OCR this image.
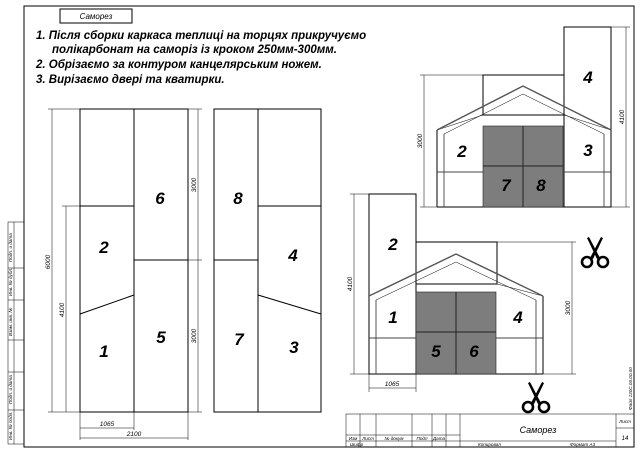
Саморез
1. Після сборки каркаса теплиці на торцях прикручуємо
полікарбонат на саморіз із кроком 250мм-300мм.
2. Обрізаємо за контуром канцелярським ножем.
3. Вирізаємо двері та кватирки.
Подп. и дата
Инв. № дубл.
Взам. инв. №
Подп. и дата
Инв. № подл.
6
2
1
5
6000
4100
3000
3000
1065
2100
8
4
7	3
4
2	3
7 8
3000
4100
2
1	4
5 6
4100
3000
1065
Изм Лист № докум	Подп Дата
Шифр
Саморез
Лист
14
Копировал	Формат A3
Файл 130С.00.00.00
